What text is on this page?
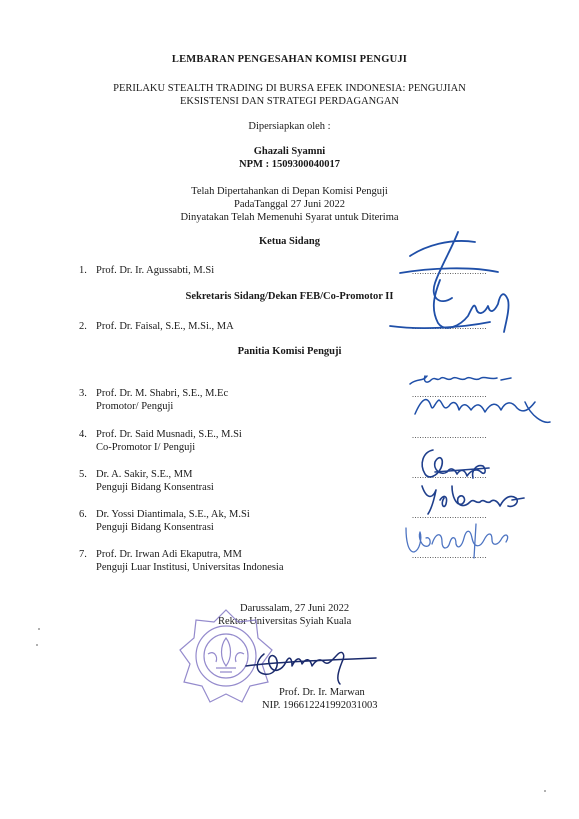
LEMBARAN PENGESAHAN KOMISI PENGUJI
PERILAKU STEALTH TRADING DI BURSA EFEK INDONESIA: PENGUJIAN
EKSISTENSI DAN STRATEGI PERDAGANGAN
Dipersiapkan oleh :
Ghazali Syamni
NPM : 1509300040017
Telah Dipertahankan di Depan Komisi Penguji
PadaTanggal 27 Juni 2022
Dinyatakan Telah Memenuhi Syarat untuk Diterima
Ketua Sidang
1. Prof. Dr. Ir. Agussabti, M.Si	..............................
Sekretaris Sidang/Dekan FEB/Co-Promotor II
2. Prof. Dr. Faisal, S.E., M.Si., MA	..............................
Panitia Komisi Penguji
3. Prof. Dr. M. Shabri, S.E., M.Ec
Promotor/ Penguji
..............................
4. Prof. Dr. Said Musnadi, S.E., M.Si
Co-Promotor I/ Penguji
..............................
5. Dr. A. Sakir, S.E., MM
Penguji Bidang Konsentrasi
..............................
6. Dr. Yossi Diantimala, S.E., Ak, M.Si
Penguji Bidang Konsentrasi
..............................
7. Prof. Dr. Irwan Adi Ekaputra, MM
Penguji Luar Institusi, Universitas Indonesia
..............................
Darussalam, 27 Juni 2022
Rektor Universitas Syiah Kuala
Prof. Dr. Ir. Marwan
NIP. 196612241992031003
